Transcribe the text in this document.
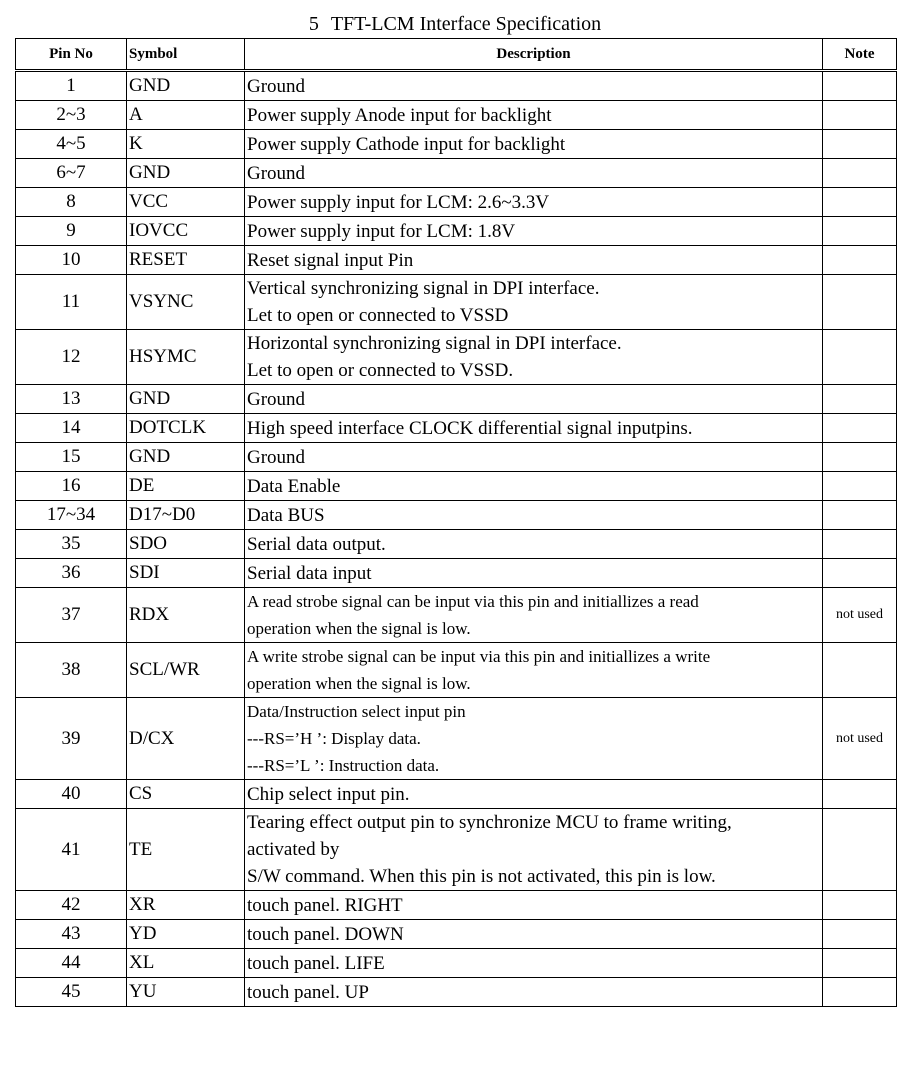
5 TFT-LCM Interface Specification
Pin No	Symbol	Description	Note
1	GND	Ground	

2~3	A	Power supply Anode input for backlight	

4~5	K	Power supply Cathode input for backlight	

6~7	GND	Ground	

8	VCC	Power supply input for LCM: 2.6~3.3V	

9	IOVCC	Power supply input for LCM: 1.8V	

10	RESET	Reset signal input Pin	

11	VSYNC	Vertical synchronizing signal in DPI interface.
Let to open or connected to VSSD	

12	HSYMC	Horizontal synchronizing signal in DPI interface.
Let to open or connected to VSSD.	

13	GND	Ground	

14	DOTCLK	High speed interface CLOCK differential signal inputpins.	

15	GND	Ground	

16	DE	Data Enable	

17~34	D17~D0	Data BUS	

35	SDO	Serial data output.	

36	SDI	Serial data input	

37	RDX	A read strobe signal can be input via this pin and initiallizes a read
operation when the signal is low.	not used
38	SCL/WR	A write strobe signal can be input via this pin and initiallizes a write
operation when the signal is low.	

39	D/CX	Data/Instruction select input pin
---RS=’H ’: Display data.
---RS=’L ’: Instruction data.	not used
40	CS	Chip select input pin.	

41	TE	Tearing effect output pin to synchronize MCU to frame writing,
activated by
S/W command. When this pin is not activated, this pin is low.	

42	XR	touch panel. RIGHT	

43	YD	touch panel. DOWN	

44	XL	touch panel. LIFE	

45	YU	touch panel. UP	
